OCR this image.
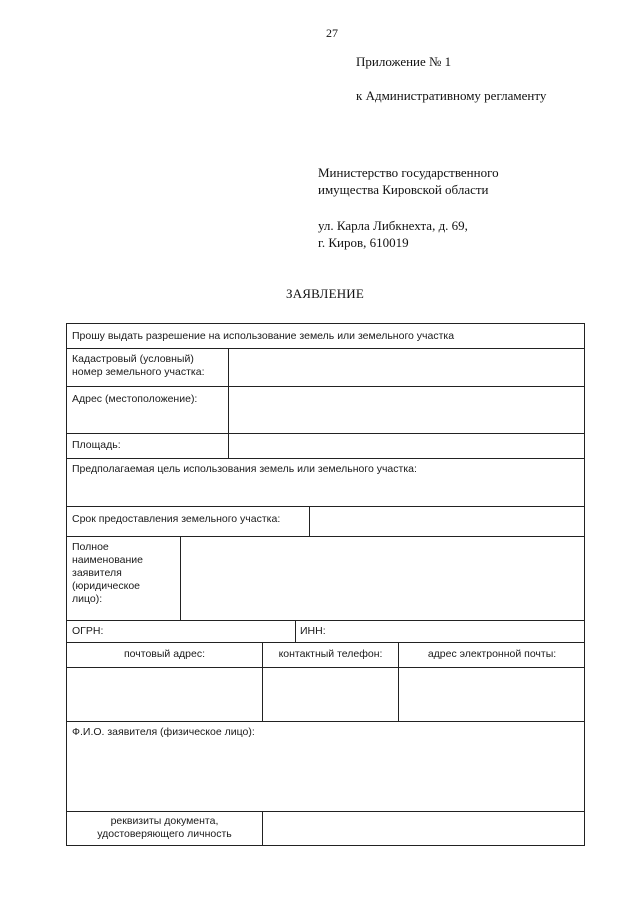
27
Приложение № 1
к Административному регламенту
Министерство государственного
имущества Кировской области
ул. Карла Либкнехта, д. 69,
г. Киров, 610019
ЗАЯВЛЕНИЕ
Прошу выдать разрешение на использование земель или земельного участка
Кадастровый (условный)
номер земельного участка:
Адрес (местоположение):
Площадь:
Предполагаемая цель использования земель или земельного участка:
Срок предоставления земельного участка:
Полное
наименование
заявителя
(юридическое
лицо):
ОГРН:	ИНН:
почтовый адрес:	контактный телефон:	адрес электронной почты:
Ф.И.О. заявителя (физическое лицо):
реквизиты документа,
удостоверяющего личность
